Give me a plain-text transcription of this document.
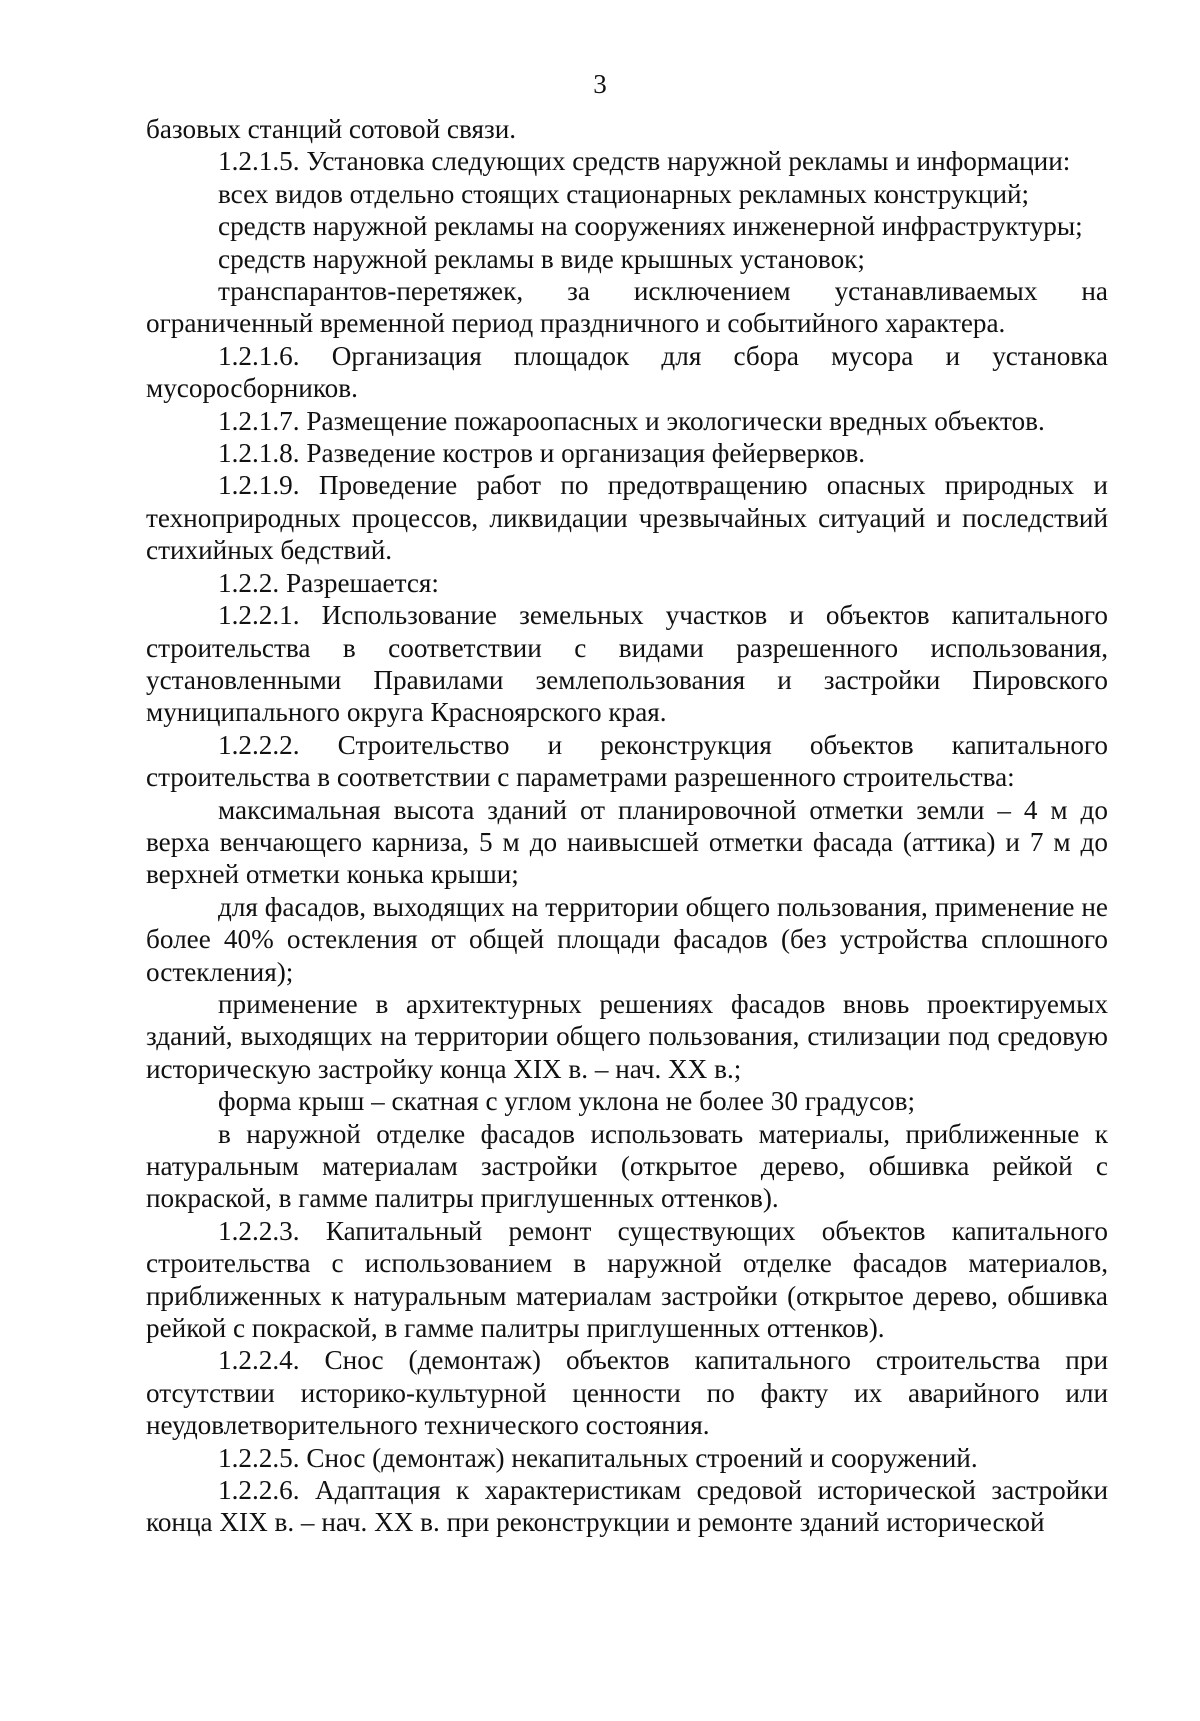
3

базовых станций сотовой связи.

1.2.1.5. Установка следующих средств наружной рекламы и информации:

всех видов отдельно стоящих стационарных рекламных конструкций;

средств наружной рекламы на сооружениях инженерной инфраструктуры;

средств наружной рекламы в виде крышных установок;

транспарантов-перетяжек, за исключением устанавливаемых на ограниченный временной период праздничного и событийного характера.

1.2.1.6. Организация площадок для сбора мусора и установка мусоросборников.

1.2.1.7. Размещение пожароопасных и экологически вредных объектов.

1.2.1.8. Разведение костров и организация фейерверков.

1.2.1.9. Проведение работ по предотвращению опасных природных и технoприродных процессов, ликвидации чрезвычайных ситуаций и последствий стихийных бедствий.

1.2.2. Разрешается:

1.2.2.1. Использование земельных участков и объектов капитального строительства в соответствии с видами разрешенного использования, установленными Правилами землепользования и застройки Пировского муниципального округа Красноярского края.

1.2.2.2. Строительство и реконструкция объектов капитального строительства в соответствии с параметрами разрешенного строительства:

максимальная высота зданий от планировочной отметки земли – 4 м до верха венчающего карниза, 5 м до наивысшей отметки фасада (аттика) и 7 м до верхней отметки конька крыши;

для фасадов, выходящих на территории общего пользования, применение не более 40% остекления от общей площади фасадов (без устройства сплошного остекления);

применение в архитектурных решениях фасадов вновь проектируемых зданий, выходящих на территории общего пользования, стилизации под средовую историческую застройку конца XIX в. – нач. XX в.;

форма крыш – скатная с углом уклона не более 30 градусов;

в наружной отделке фасадов использовать материалы, приближенные к натуральным материалам застройки (открытое дерево, обшивка рейкой с покраской, в гамме палитры приглушенных оттенков).

1.2.2.3. Капитальный ремонт существующих объектов капитального строительства с использованием в наружной отделке фасадов материалов, приближенных к натуральным материалам застройки (открытое дерево, обшивка рейкой с покраской, в гамме палитры приглушенных оттенков).

1.2.2.4. Снос (демонтаж) объектов капитального строительства при отсутствии историко-культурной ценности по факту их аварийного или неудовлетворительного технического состояния.

1.2.2.5. Снос (демонтаж) некапитальных строений и сооружений.

1.2.2.6. Адаптация к характеристикам средовой исторической застройки конца XIX в. – нач. XX в. при реконструкции и ремонте зданий исторической
